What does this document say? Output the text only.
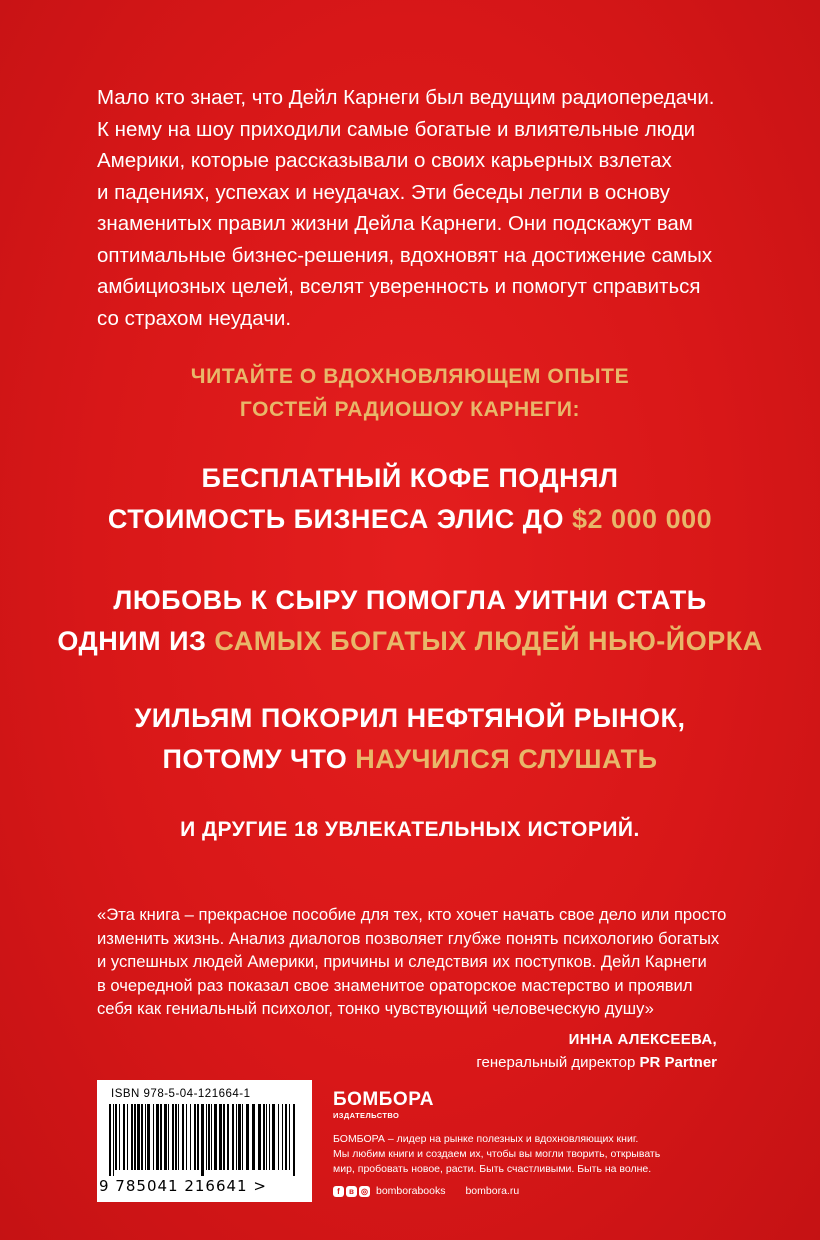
Мало кто знает, что Дейл Карнеги был ведущим радиопередачи.
К нему на шоу приходили самые богатые и влиятельные люди
Америки, которые рассказывали о своих карьерных взлетах
и падениях, успехах и неудачах. Эти беседы легли в основу
знаменитых правил жизни Дейла Карнеги. Они подскажут вам
оптимальные бизнес-решения, вдохновят на достижение самых
амбициозных целей, вселят уверенность и помогут справиться
со страхом неудачи.
ЧИТАЙТЕ О ВДОХНОВЛЯЮЩЕМ ОПЫТЕ
ГОСТЕЙ РАДИОШОУ КАРНЕГИ:
БЕСПЛАТНЫЙ КОФЕ ПОДНЯЛ
СТОИМОСТЬ БИЗНЕСА ЭЛИС ДО $2 000 000
ЛЮБОВЬ К СЫРУ ПОМОГЛА УИТНИ СТАТЬ
ОДНИМ ИЗ САМЫХ БОГАТЫХ ЛЮДЕЙ НЬЮ-ЙОРКА
УИЛЬЯМ ПОКОРИЛ НЕФТЯНОЙ РЫНОК,
ПОТОМУ ЧТО НАУЧИЛСЯ СЛУШАТЬ
И ДРУГИЕ 18 УВЛЕКАТЕЛЬНЫХ ИСТОРИЙ.
«Эта книга – прекрасное пособие для тех, кто хочет начать свое дело или просто
изменить жизнь. Анализ диалогов позволяет глубже понять психологию богатых
и успешных людей Америки, причины и следствия их поступков. Дейл Карнеги
в очередной раз показал свое знаменитое ораторское мастерство и проявил
себя как гениальный психолог, тонко чувствующий человеческую душу»
ИННА АЛЕКСЕЕВА,
генеральный директор PR Partner
ISBN 978-5-04-121664-1
9 785041 216641 >
БОМБОРА
ИЗДАТЕЛЬСТВО
БОМБОРА – лидер на рынке полезных и вдохновляющих книг.
Мы любим книги и создаем их, чтобы вы могли творить, открывать
мир, пробовать новое, расти. Быть счастливыми. Быть на волне.
f	в ◎ bomborabooks bombora.ru
